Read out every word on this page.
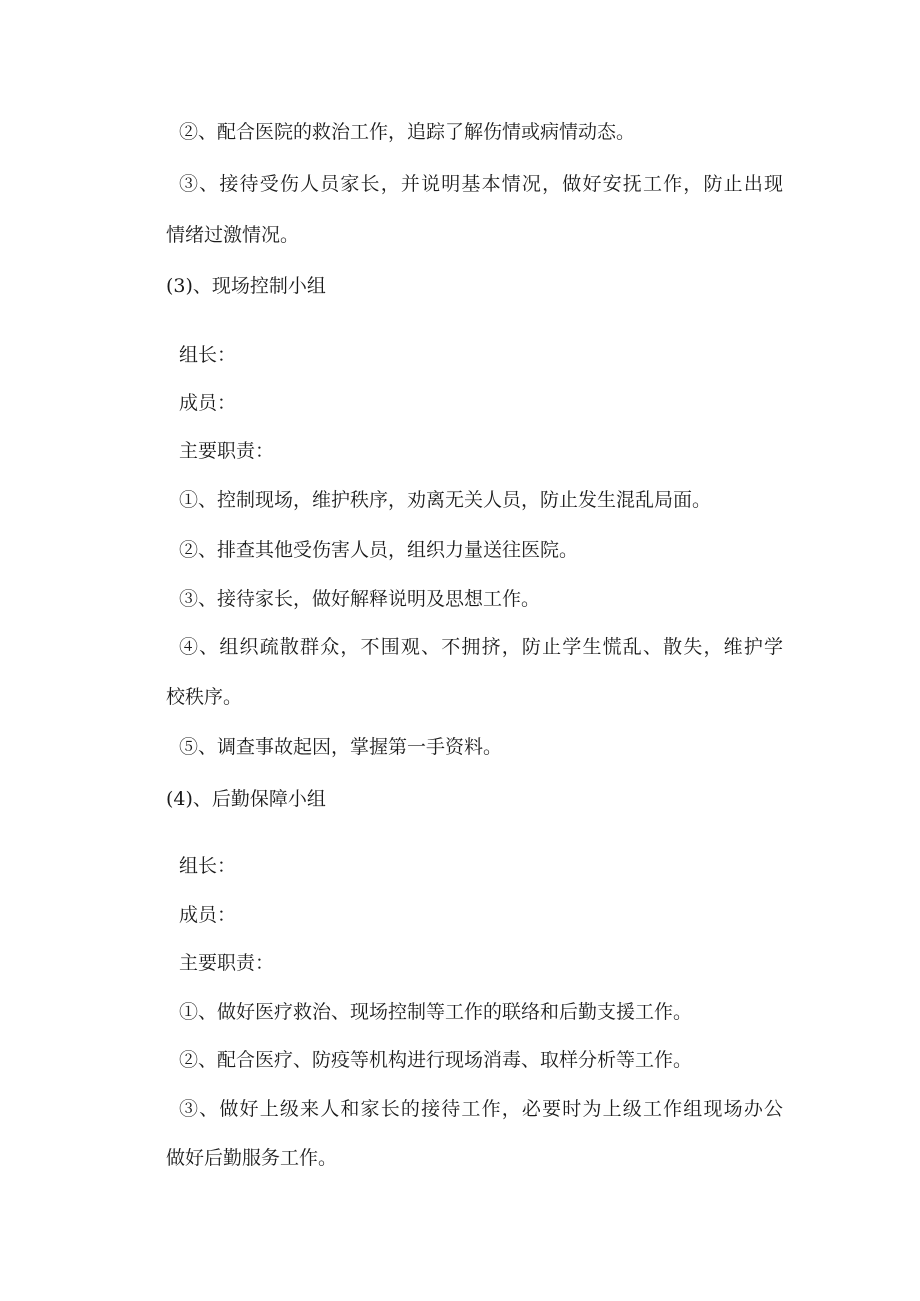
②、配合医院的救治工作，追踪了解伤情或病情动态。
③、接待受伤人员家长，并说明基本情况，做好安抚工作，防止出现
情绪过激情况。
(3)、现场控制小组
组长：
成员：
主要职责：
①、控制现场，维护秩序，劝离无关人员，防止发生混乱局面。
②、排查其他受伤害人员，组织力量送往医院。
③、接待家长，做好解释说明及思想工作。
④、组织疏散群众，不围观、不拥挤，防止学生慌乱、散失，维护学
校秩序。
⑤、调查事故起因，掌握第一手资料。
(4)、后勤保障小组
组长：
成员：
主要职责：
①、做好医疗救治、现场控制等工作的联络和后勤支援工作。
②、配合医疗、防疫等机构进行现场消毒、取样分析等工作。
③、做好上级来人和家长的接待工作，必要时为上级工作组现场办公
做好后勤服务工作。
